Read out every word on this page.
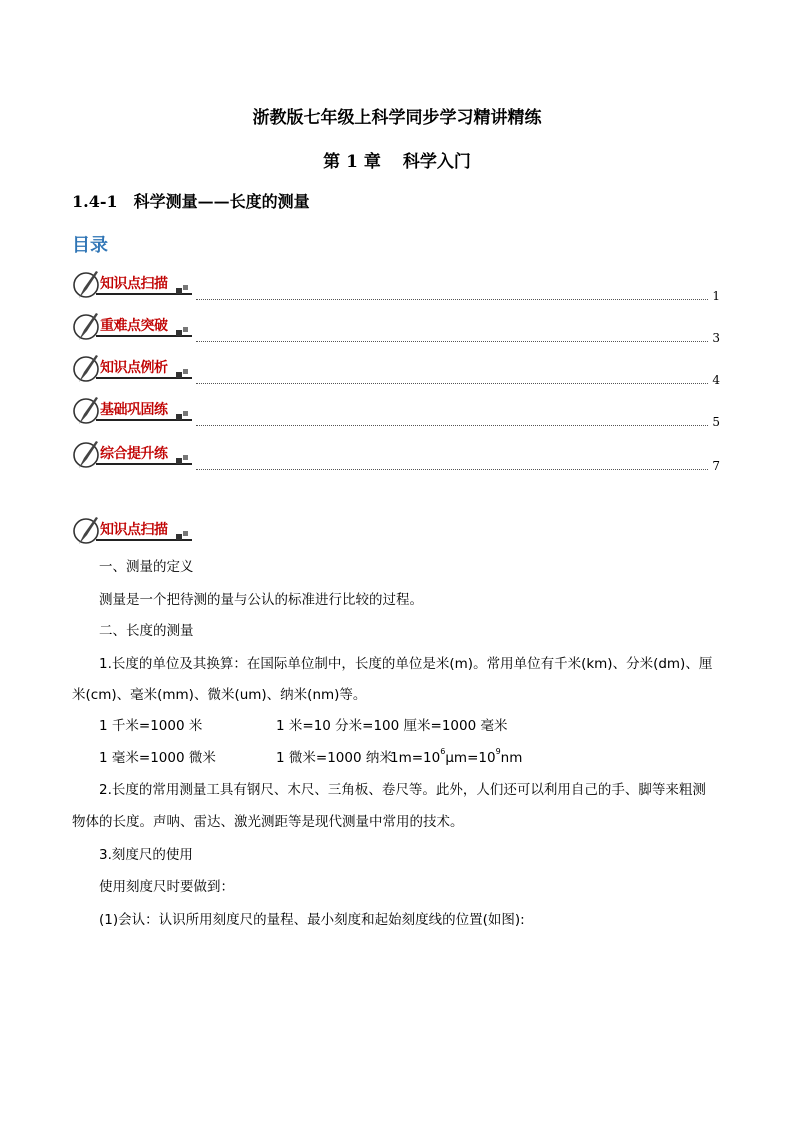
浙教版七年级上科学同步学习精讲精练
第 1 章 科学入门
1.4-1　科学测量——长度的测量
目录
知识点扫描
1
重难点突破
3
知识点例析
4
基础巩固练
5
综合提升练
7
知识点扫描
一、测量的定义
测量是一个把待测的量与公认的标准进行比较的过程。
二、长度的测量
1.长度的单位及其换算：在国际单位制中，长度的单位是米(m)。常用单位有千米(km)、分米(dm)、厘
米(cm)、毫米(mm)、微米(um)、纳米(nm)等。
1 千米=1000 米	1 米=10 分米=100 厘米=1000 毫米
1 毫米=1000 微米	1 微米=1000 纳米
$1m=10^6\mu m=10^9nm$
2.长度的常用测量工具有钢尺、木尺、三角板、卷尺等。此外，人们还可以利用自己的手、脚等来粗测
物体的长度。声呐、雷达、激光测距等是现代测量中常用的技术。
3.刻度尺的使用
使用刻度尺时要做到：
(1)会认：认识所用刻度尺的量程、最小刻度和起始刻度线的位置(如图):
